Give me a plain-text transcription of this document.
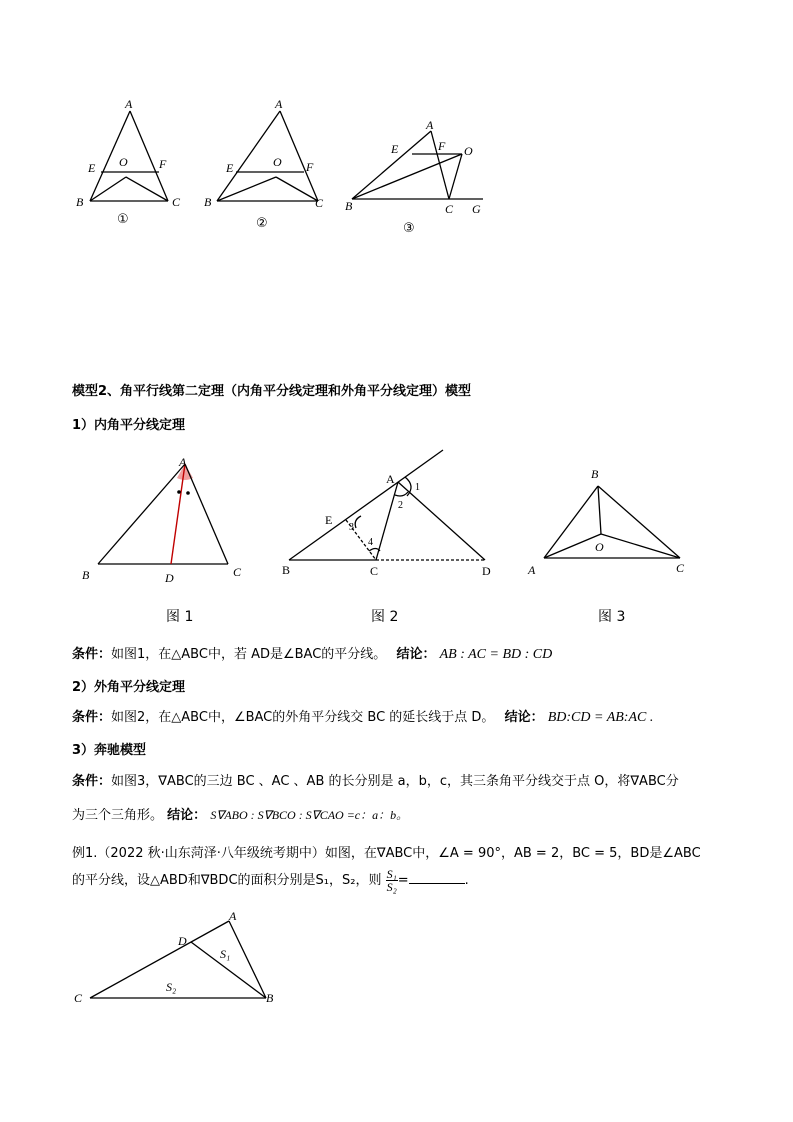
A
E O	F
B	C
①
A
E	O F
B	C
②
A
E	F O
B	C G
③
模型2、角平行线第二定理（内角平分线定理和外角平分线定理）模型
1）内角平分线定理
A
B	D	C
图 1
A
E
B	C	D
1
2
3
4
图 2
B
O
A	C
图 3
条件：如图1，在△ABC中，若 AD是∠BAC的平分线。 结论： AB : AC = BD : CD
2）外角平分线定理
条件：如图2，在△ABC中，∠BAC的外角平分线交 BC 的延长线于点 D。 结论： BD:CD = AB:AC .
3）奔驰模型
条件：如图3，∇ABC的三边 BC 、AC 、AB 的长分别是 a，b，c，其三条角平分线交于点 O，将∇ABC分
为三个三角形。 结论： S∇ABO : S∇BCO : S∇CAO =c：a：b。
例1.（2022 秋·山东菏泽·八年级统考期中）如图，在∇ABC中，∠A = 90°，AB = 2，BC = 5，BD是∠ABC
的平分线，设△ABD和∇BDC的面积分别是S₁，S₂，则 $\frac{\text{S₁}}{\text{S₂}}$ =	.
A
D
C	B
S₁
S₂
